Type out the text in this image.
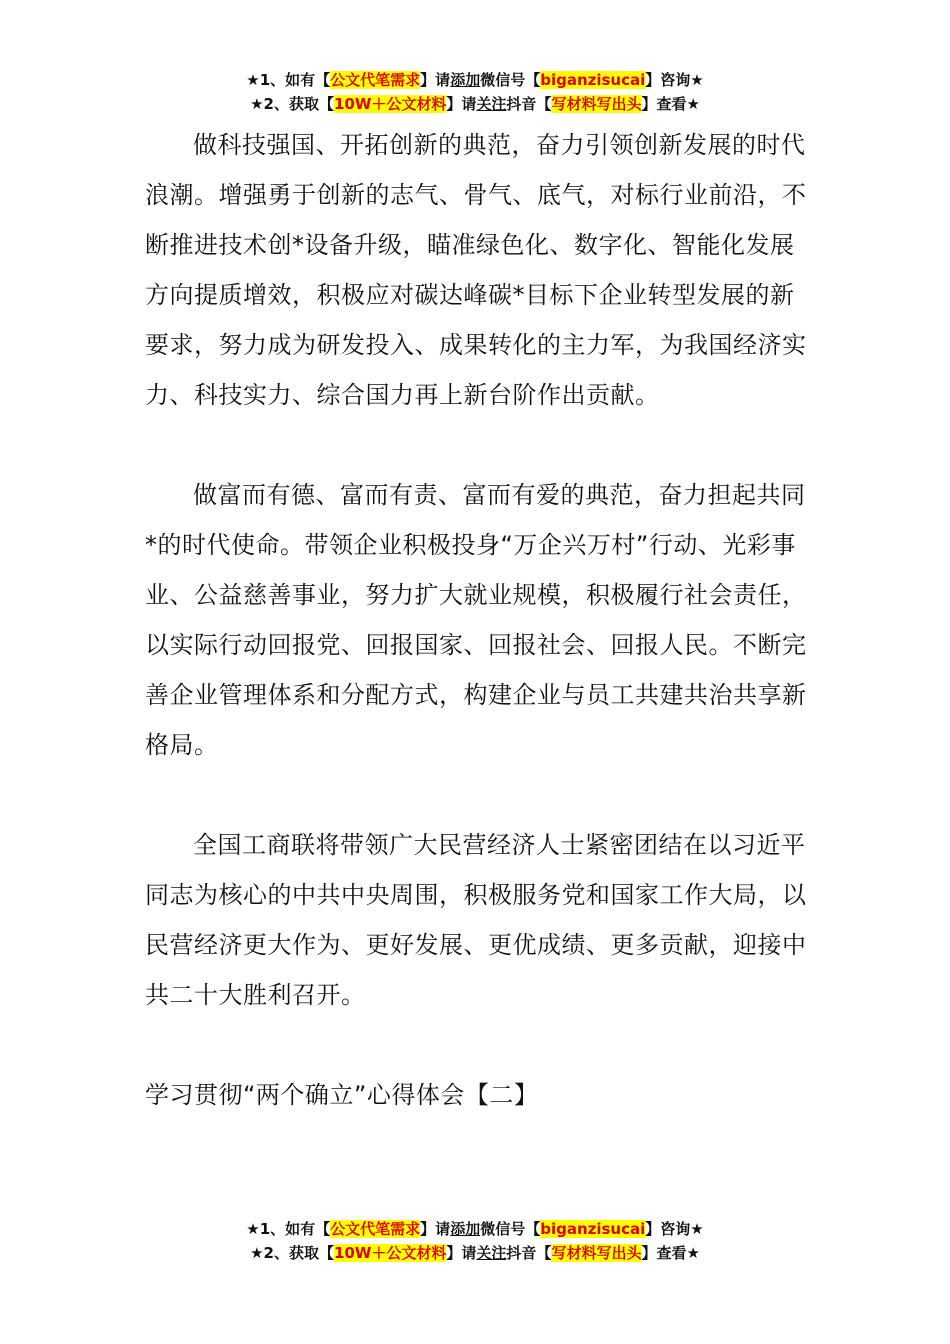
★1、如有【公文代笔需求】请添加微信号【biganzisucai】咨询★
★2、获取【10W＋公文材料】请关注抖音【写材料写出头】查看★

做科技强国、开拓创新的典范，奋力引领创新发展的时代浪潮。增强勇于创新的志气、骨气、底气，对标行业前沿，不断推进技术创*设备升级，瞄准绿色化、数字化、智能化发展方向提质增效，积极应对碳达峰碳*目标下企业转型发展的新要求，努力成为研发投入、成果转化的主力军，为我国经济实力、科技实力、综合国力再上新台阶作出贡献。

做富而有德、富而有责、富而有爱的典范，奋力担起共同*的时代使命。带领企业积极投身“万企兴万村”行动、光彩事业、公益慈善事业，努力扩大就业规模，积极履行社会责任，以实际行动回报党、回报国家、回报社会、回报人民。不断完善企业管理体系和分配方式，构建企业与员工共建共治共享新格局。

全国工商联将带领广大民营经济人士紧密团结在以习近平同志为核心的中共中央周围，积极服务党和国家工作大局，以民营经济更大作为、更好发展、更优成绩、更多贡献，迎接中共二十大胜利召开。

学习贯彻“两个确立”心得体会【二】

★1、如有【公文代笔需求】请添加微信号【biganzisucai】咨询★
★2、获取【10W＋公文材料】请关注抖音【写材料写出头】查看★
